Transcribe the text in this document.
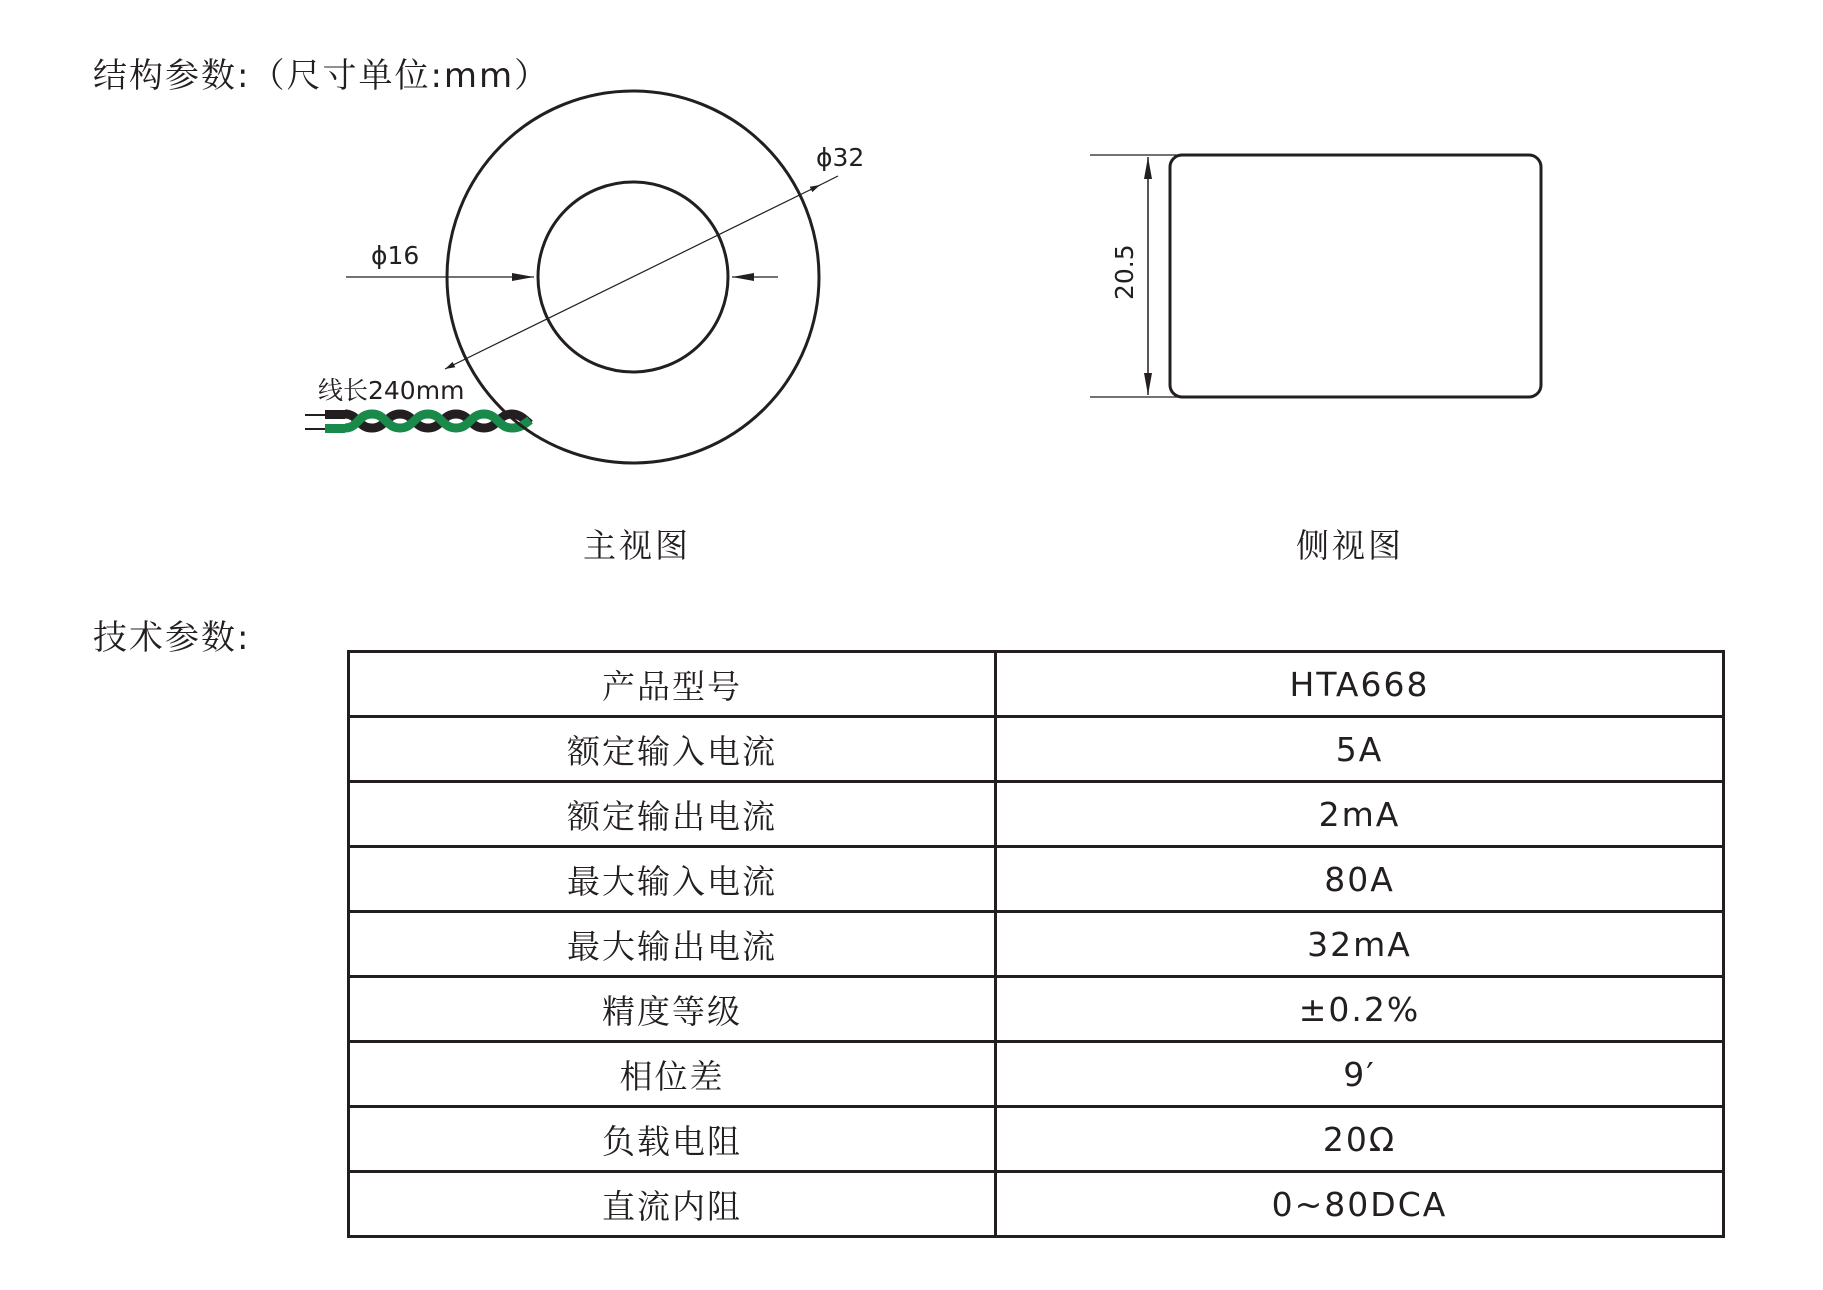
结构参数:（尺寸单位:mm）
ϕ16
ϕ32
线长240mm
20.5
主视图	侧视图
技术参数:
产品型号	HTA668
额定输入电流	5A
额定输出电流	2mA
最大输入电流	80A
最大输出电流	32mA
精度等级	±0.2%
相位差	9′
负载电阻	20Ω
直流内阻	0~80DCA
